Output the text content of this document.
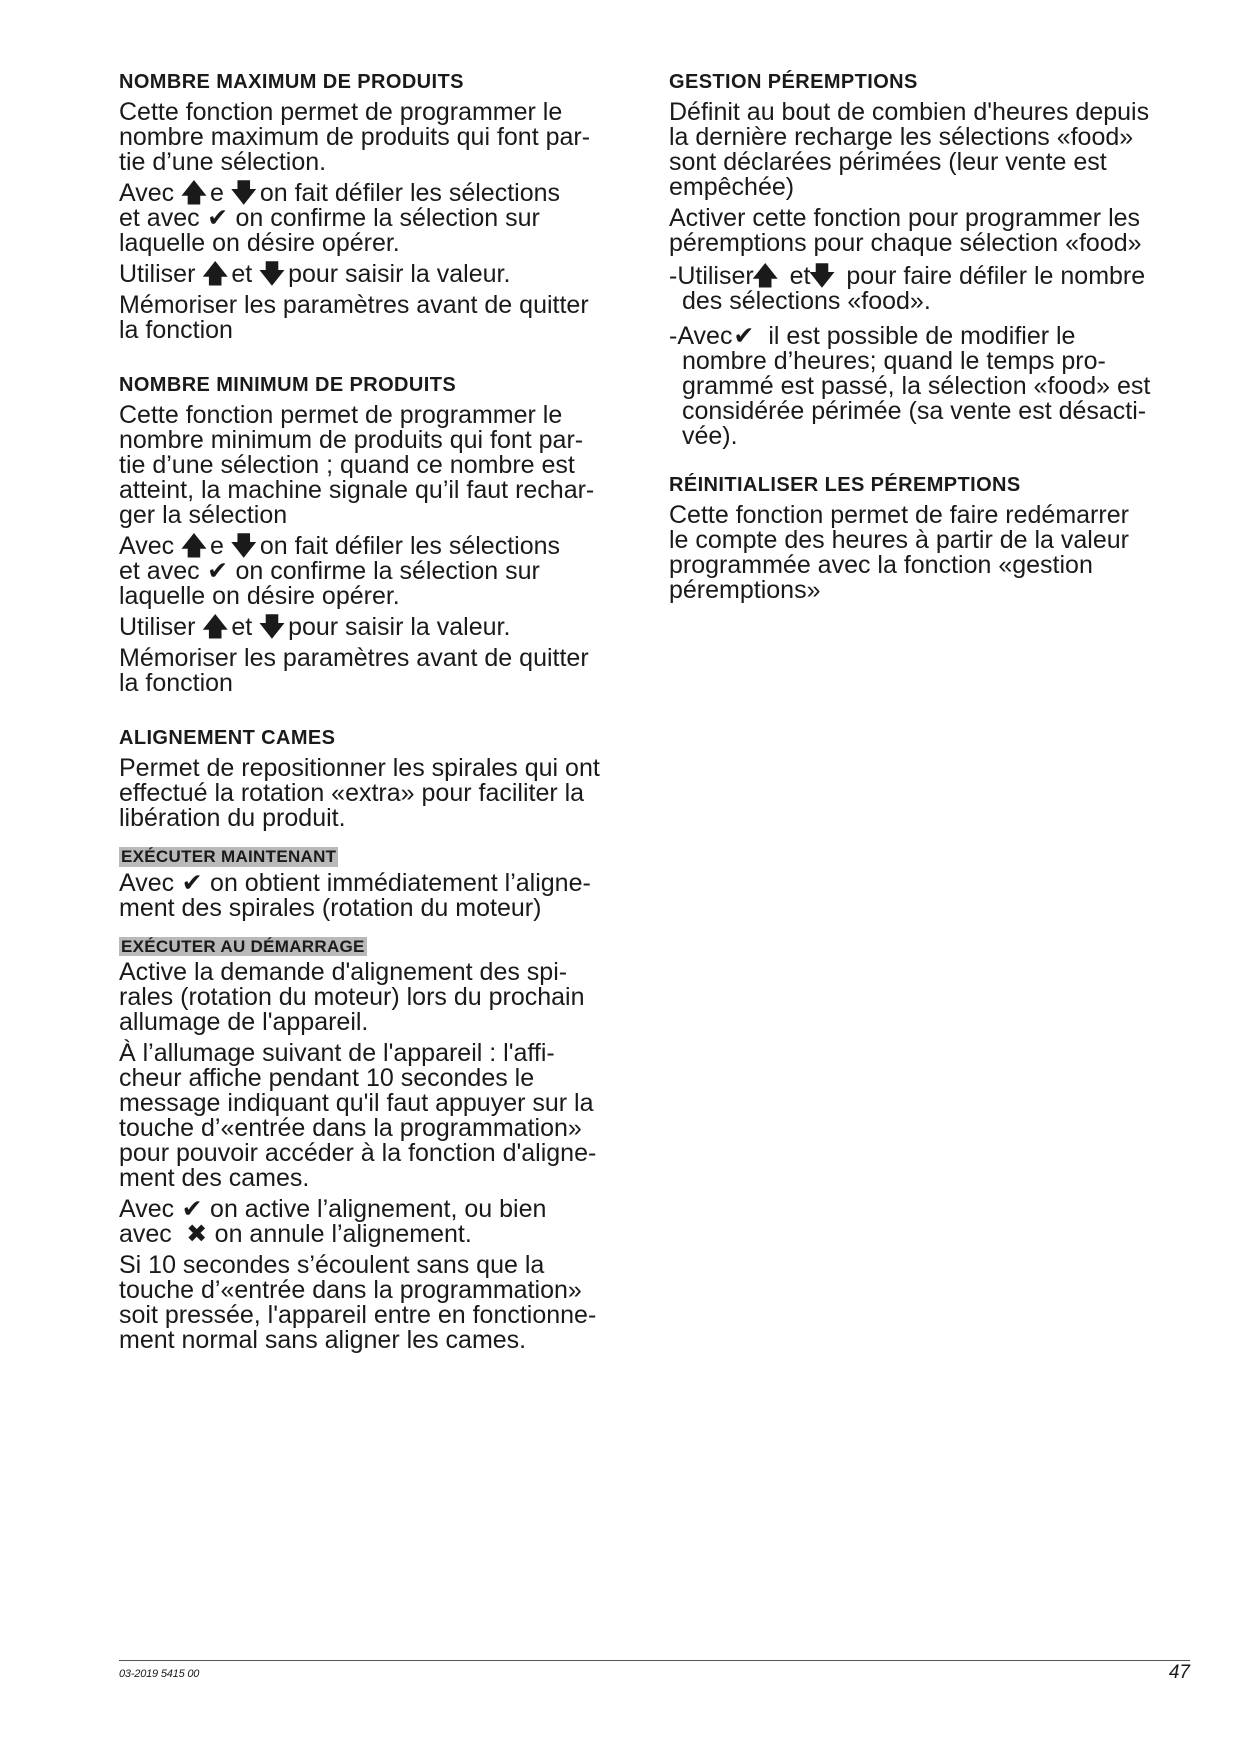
NOMBRE MAXIMUM DE PRODUITS
Cette fonction permet de programmer le
nombre maximum de produits qui font par-
tie d’une sélection.
Avec 🡅 e 🡇 on fait défiler les sélections
et avec ✔ on confirme la sélection sur
laquelle on désire opérer.
Utiliser 🡅 et 🡇 pour saisir la valeur.
Mémoriser les paramètres avant de quitter
la fonction
NOMBRE MINIMUM DE PRODUITS
Cette fonction permet de programmer le
nombre minimum de produits qui font par-
tie d’une sélection ; quand ce nombre est
atteint, la machine signale qu’il faut rechar-
ger la sélection
Avec 🡅 e 🡇 on fait défiler les sélections
et avec ✔ on confirme la sélection sur
laquelle on désire opérer.
Utiliser 🡅 et 🡇 pour saisir la valeur.
Mémoriser les paramètres avant de quitter
la fonction
ALIGNEMENT CAMES
Permet de repositionner les spirales qui ont
effectué la rotation «extra» pour faciliter la
libération du produit.
EXÉCUTER MAINTENANT
Avec ✔ on obtient immédiatement l’aligne-
ment des spirales (rotation du moteur)
EXÉCUTER AU DÉMARRAGE
Active la demande d'alignement des spi-
rales (rotation du moteur) lors du prochain
allumage de l'appareil.
À l’allumage suivant de l'appareil : l'affi-
cheur affiche pendant 10 secondes le
message indiquant qu'il faut appuyer sur la
touche d’«entrée dans la programmation»
pour pouvoir accéder à la fonction d'aligne-
ment des cames.
Avec ✔ on active l’alignement, ou bien
avec ✖ on annule l’alignement.
Si 10 secondes s’écoulent sans que la
touche d’«entrée dans la programmation»
soit pressée, l'appareil entre en fonctionne-
ment normal sans aligner les cames.
GESTION PÉREMPTIONS
Définit au bout de combien d'heures depuis
la dernière recharge les sélections «food»
sont déclarées périmées (leur vente est
empêchée)
Activer cette fonction pour programmer les
péremptions pour chaque sélection «food»
-Utiliser 🡅 et 🡇 pour faire défiler le nombre
des sélections «food».
-Avec ✔ il est possible de modifier le
nombre d’heures; quand le temps pro-
grammé est passé, la sélection «food» est
considérée périmée (sa vente est désacti-
vée).
RÉINITIALISER LES PÉREMPTIONS
Cette fonction permet de faire redémarrer
le compte des heures à partir de la valeur
programmée avec la fonction «gestion
péremptions»
03-2019 5415 00	47
